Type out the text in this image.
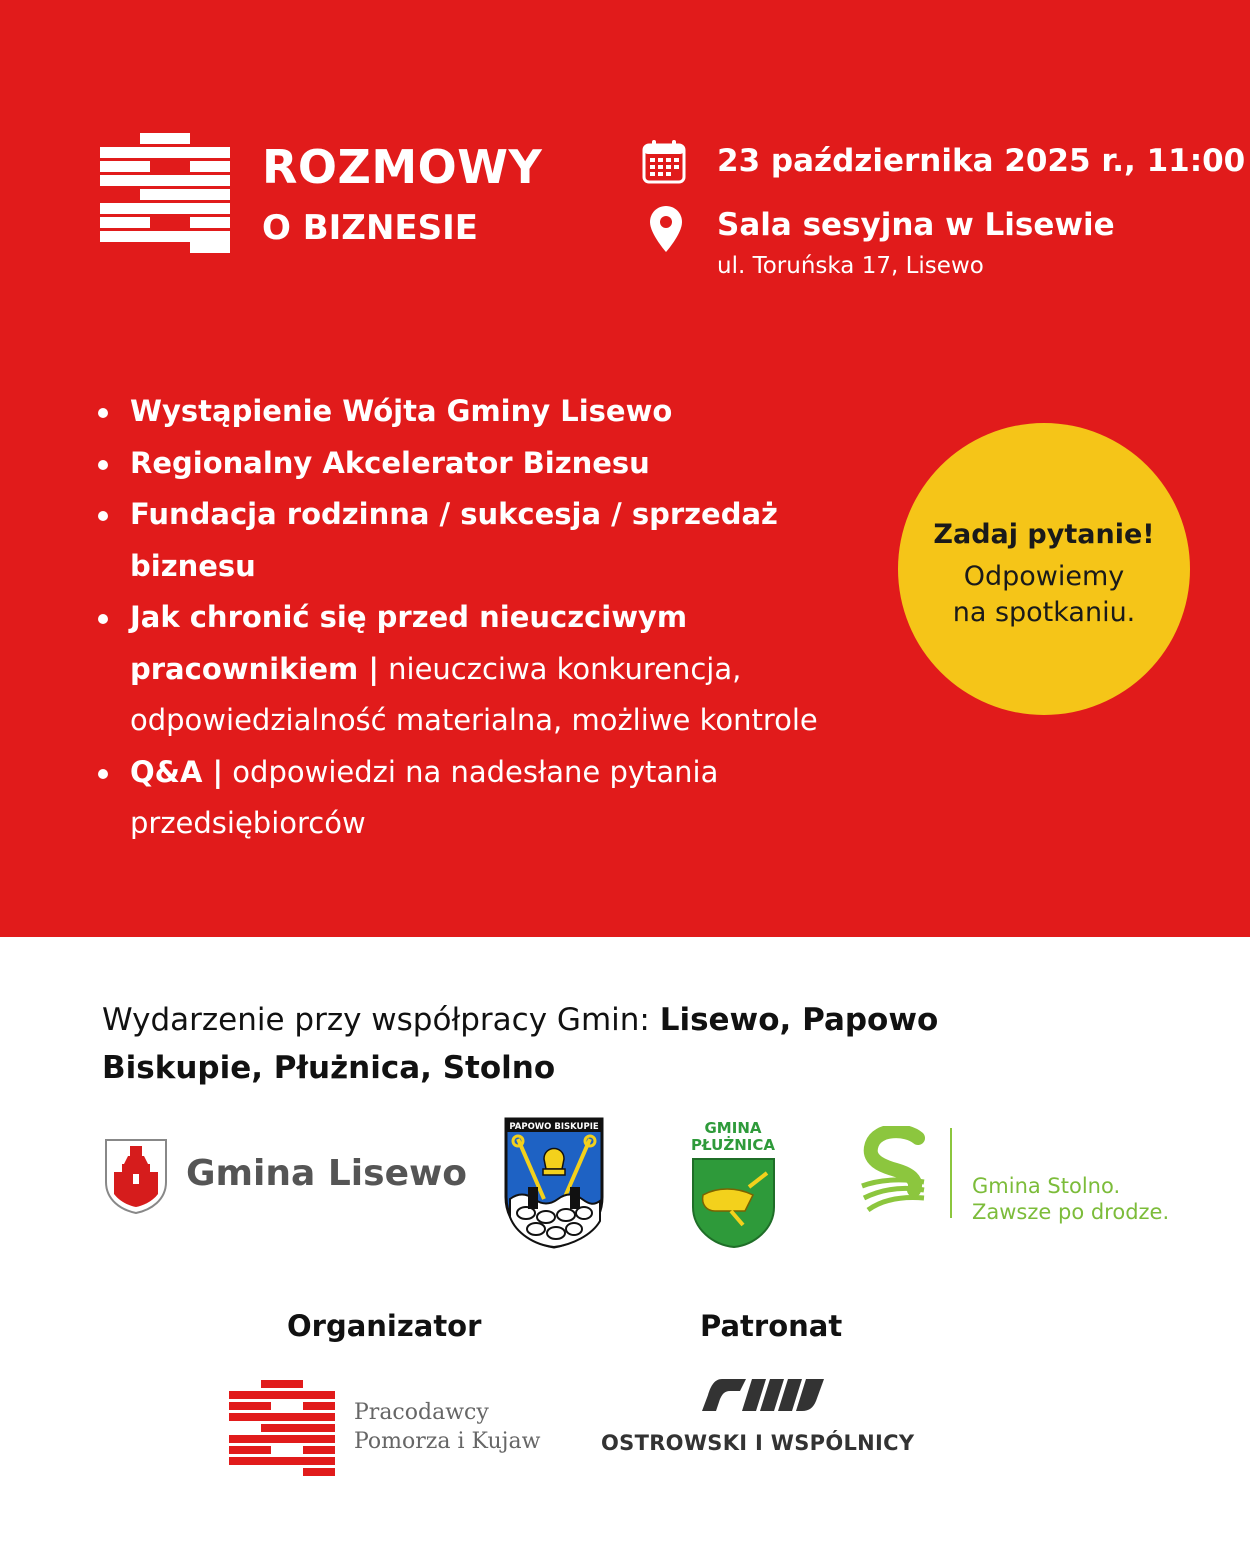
ROZMOWY
O BIZNESIE
23 października 2025 r., 11:00
Sala sesyjna w Lisewie
ul. Toruńska 17, Lisewo
Wystąpienie Wójta Gminy Lisewo
Regionalny Akcelerator Biznesu
Fundacja rodzinna / sukcesja / sprzedaż biznesu
Jak chronić się przed nieuczciwym pracownikiem | nieuczciwa konkurencja, odpowiedzialność materialna, możliwe kontrole
Q&A | odpowiedzi na nadesłane pytania przedsiębiorców
Zadaj pytanie!
Odpowiemy
na spotkaniu.
Wydarzenie przy współpracy Gmin: Lisewo, Papowo Biskupie, Płużnica, Stolno
Gmina Lisewo
PAPOWO BISKUPIE	GMINA
PŁUŻNICA
Gmina Stolno.
Zawsze po drodze.
Organizator	Patronat
Pracodawcy
Pomorza i Kujaw	OSTROWSKI I WSPÓLNICY
